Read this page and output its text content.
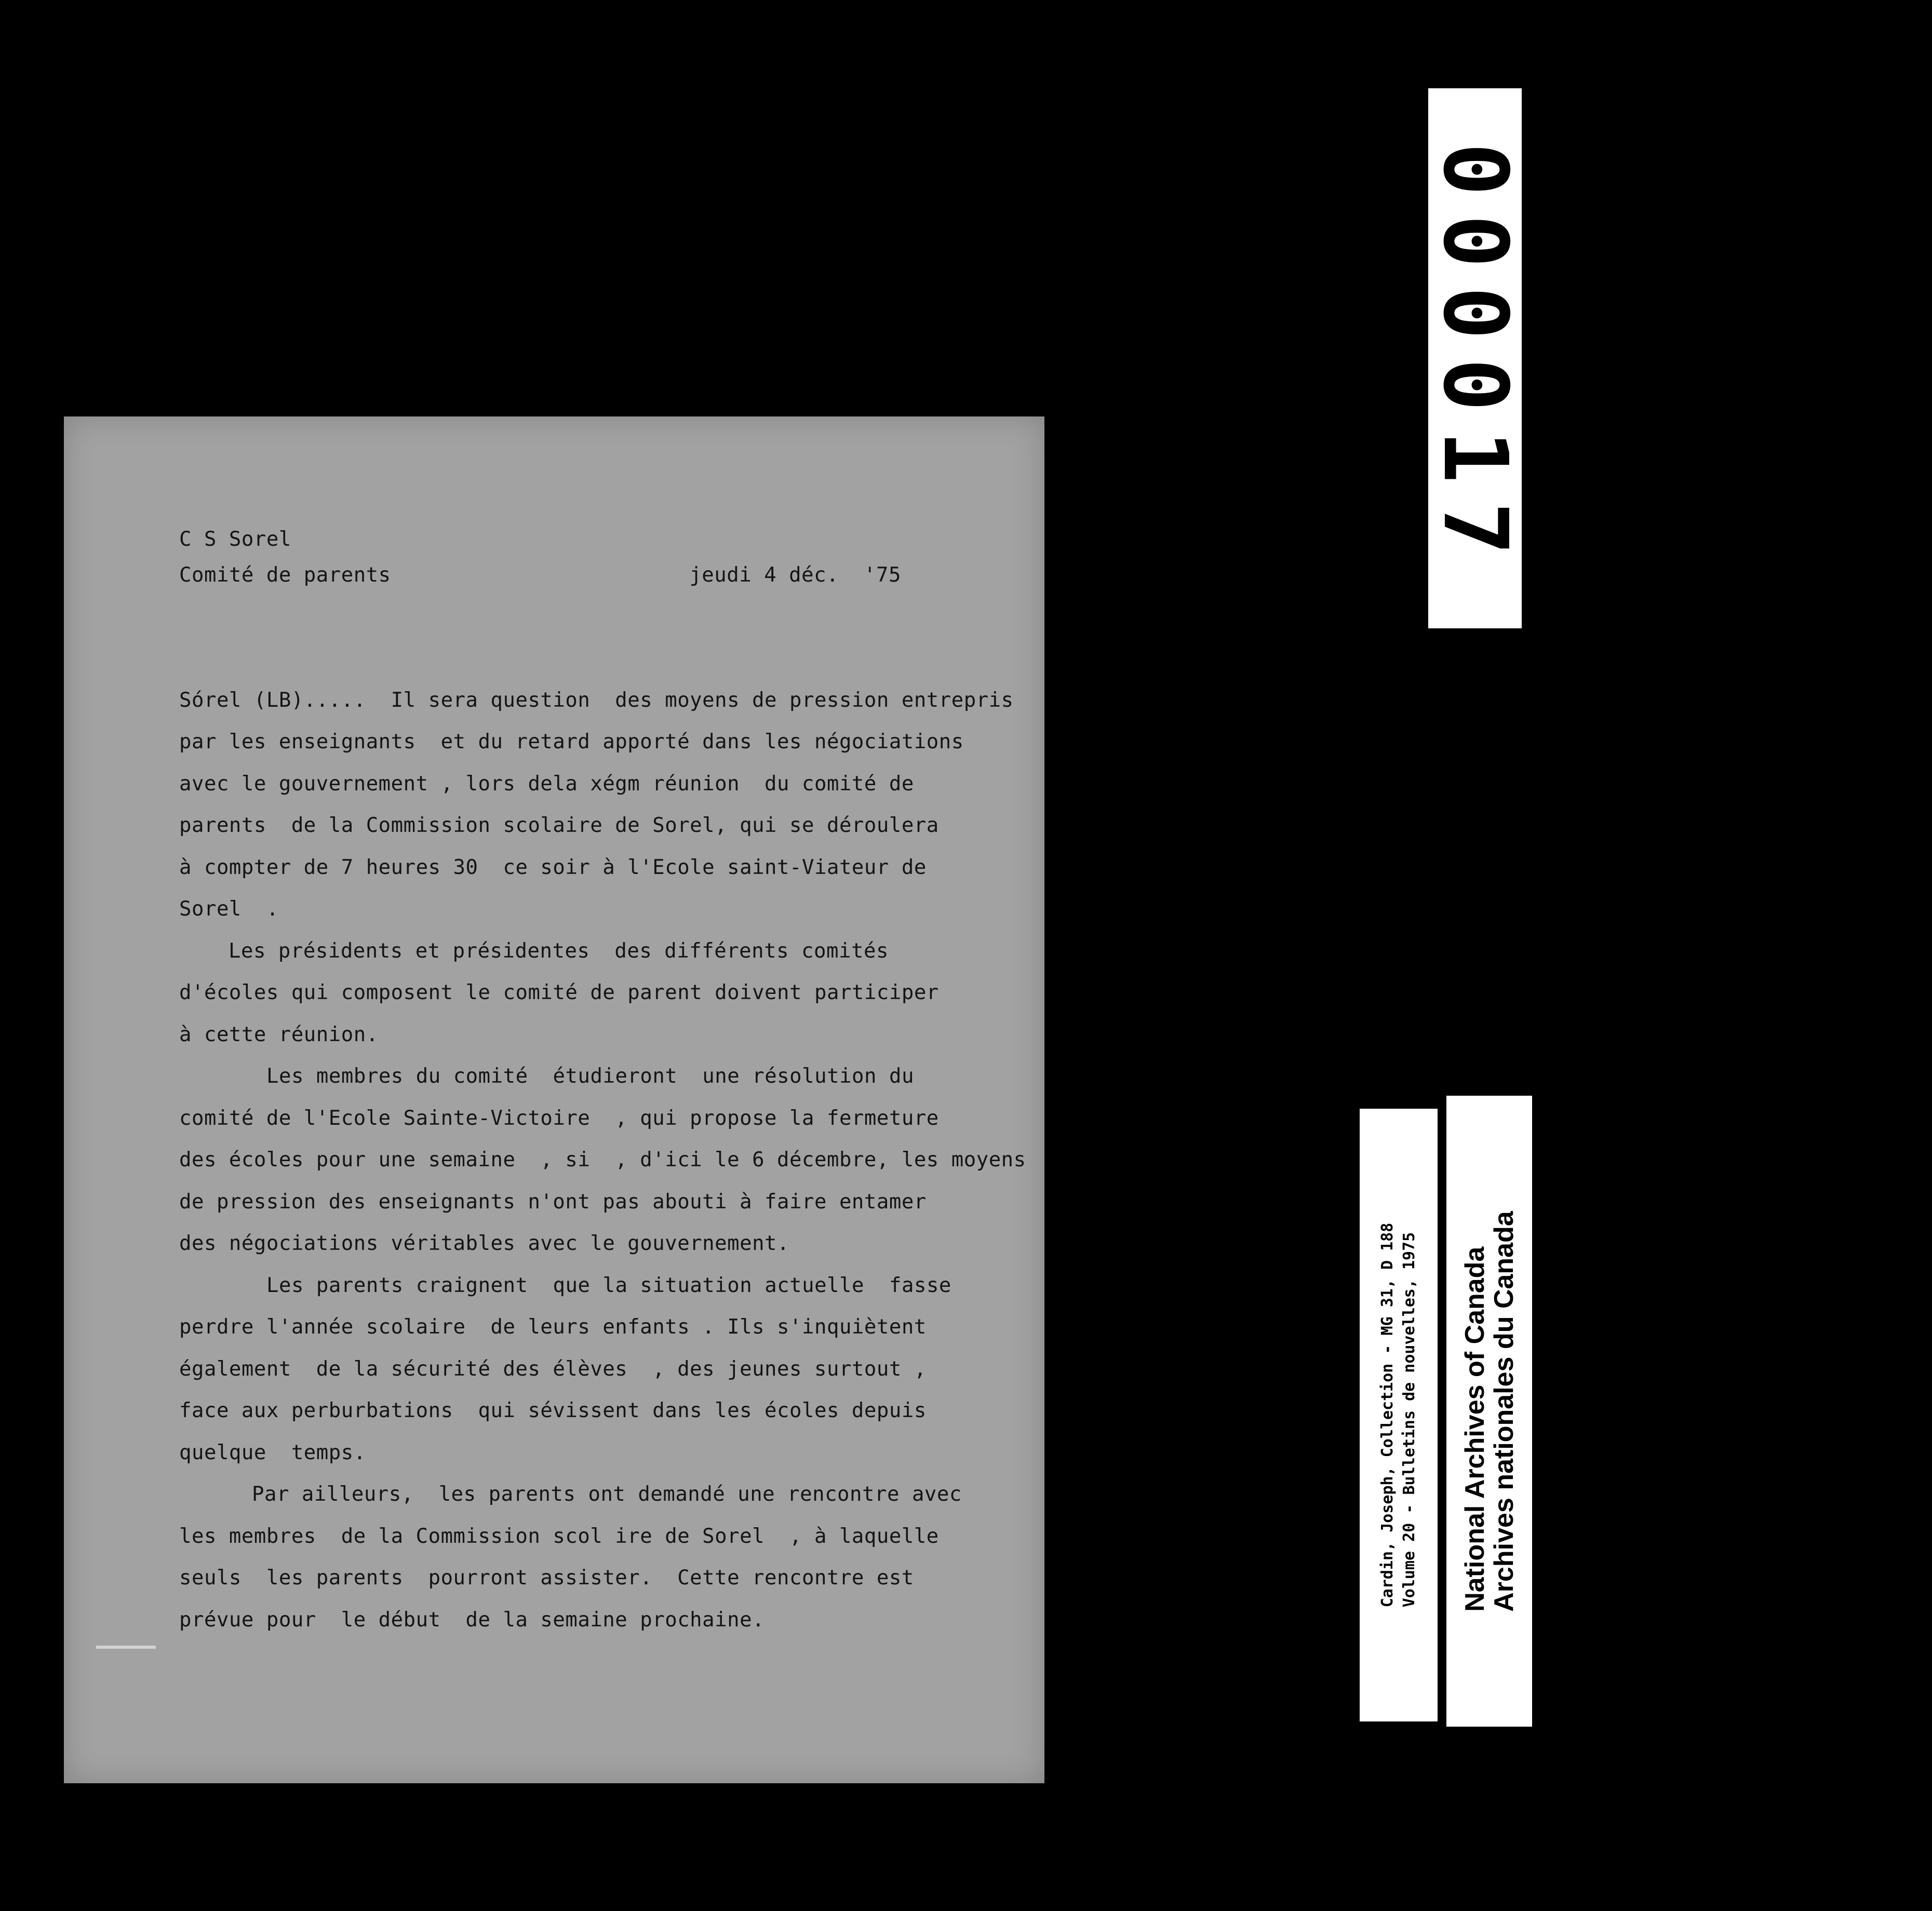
C S Sorel
Comité de parents	jeudi 4 déc.  '75
Sórel (LB).....  Il sera question  des moyens de pression entrepris
par les enseignants  et du retard apporté dans les négociations
avec le gouvernement , lors dela xégm réunion  du comité de
parents  de la Commission scolaire de Sorel, qui se déroulera
à compter de 7 heures 30  ce soir à l'Ecole saint-Viateur de
Sorel  .
Les présidents et présidentes  des différents comités
d'écoles qui composent le comité de parent doivent participer
à cette réunion.
Les membres du comité  étudieront  une résolution du
comité de l'Ecole Sainte-Victoire  , qui propose la fermeture
des écoles pour une semaine  , si  , d'ici le 6 décembre, les moyens
de pression des enseignants n'ont pas abouti à faire entamer
des négociations véritables avec le gouvernement.
Les parents craignent  que la situation actuelle  fasse
perdre l'année scolaire  de leurs enfants . Ils s'inquiètent
également  de la sécurité des élèves  , des jeunes surtout ,
face aux perburbations  qui sévissent dans les écoles depuis
quelque  temps.
Par ailleurs,  les parents ont demandé une rencontre avec
les membres  de la Commission scol ire de Sorel  , à laquelle
seuls  les parents  pourront assister.  Cette rencontre est
prévue pour  le début  de la semaine prochaine.
000017
Cardin, Joseph, Collection - MG 31, D 188 Volume 20 - Bulletins de nouvelles, 1975 National Archives of Canada
Archives nationales du Canada
